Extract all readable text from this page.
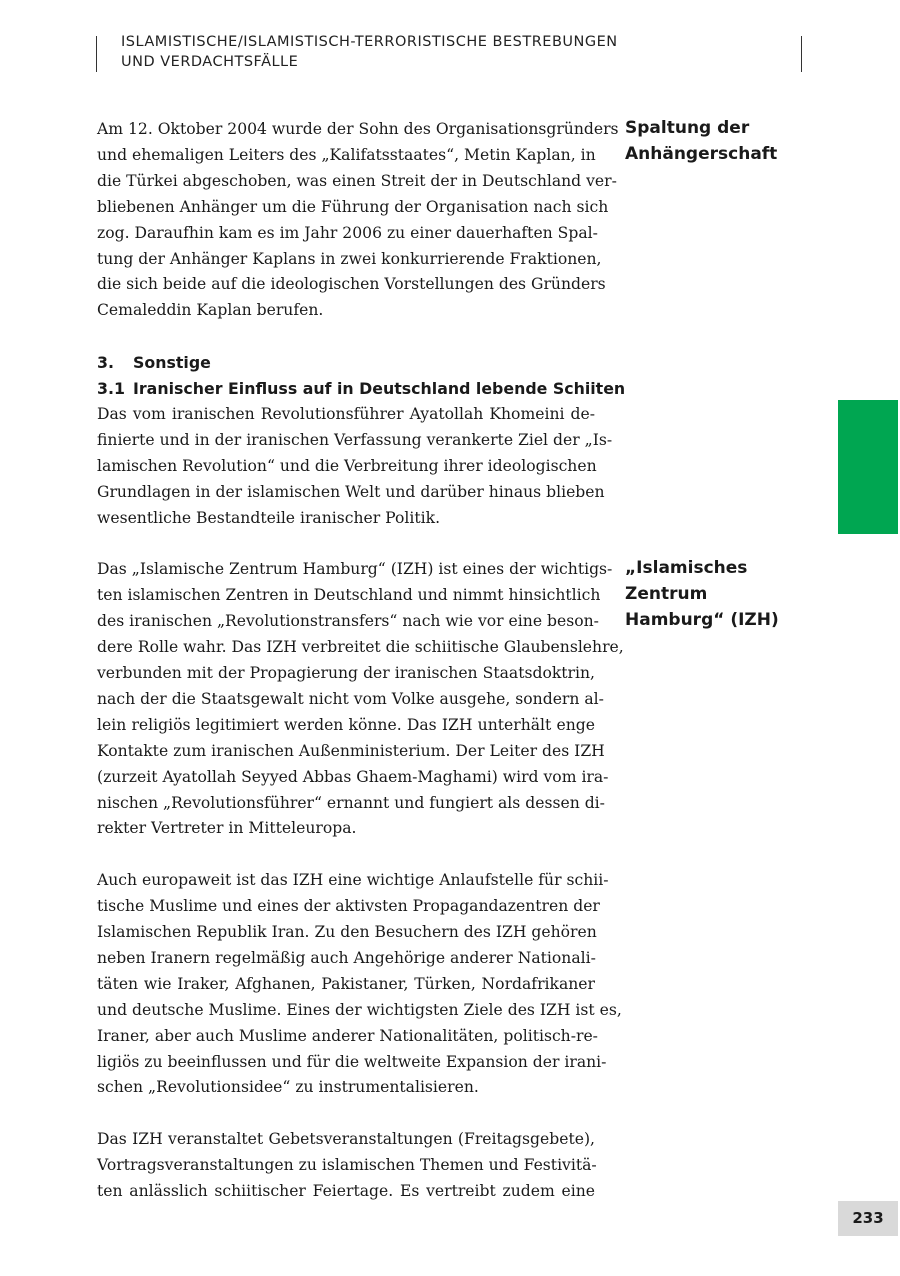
ISLAMISTISCHE/ISLAMISTISCH-TERRORISTISCHE BESTREBUNGEN
UND VERDACHTSFÄLLE
Spaltung der
Anhängerschaft
„Islamisches
Zentrum
Hamburg“ (IZH)
Am 12. Oktober 2004 wurde der Sohn des Organisationsgründers
und ehemaligen Leiters des „Kalifatsstaates“, Metin Kaplan, in
die Türkei abgeschoben, was einen Streit der in Deutschland ver-
bliebenen Anhänger um die Führung der Organisation nach sich
zog. Daraufhin kam es im Jahr 2006 zu einer dauerhaften Spal-
tung der Anhänger Kaplans in zwei konkurrierende Fraktionen,
die sich beide auf die ideologischen Vorstellungen des Gründers
Cemaleddin Kaplan berufen.
3. Sonstige
3.1 Iranischer Einfluss auf in Deutschland lebende Schiiten
Das vom iranischen Revolutionsführer Ayatollah Khomeini de-
finierte und in der iranischen Verfassung verankerte Ziel der „Is-
lamischen Revolution“ und die Verbreitung ihrer ideologischen
Grundlagen in der islamischen Welt und darüber hinaus blieben
wesentliche Bestandteile iranischer Politik.
Das „Islamische Zentrum Hamburg“ (IZH) ist eines der wichtigs-
ten islamischen Zentren in Deutschland und nimmt hinsichtlich
des iranischen „Revolutionstransfers“ nach wie vor eine beson-
dere Rolle wahr. Das IZH verbreitet die schiitische Glaubenslehre,
verbunden mit der Propagierung der iranischen Staatsdoktrin,
nach der die Staatsgewalt nicht vom Volke ausgehe, sondern al-
lein religiös legitimiert werden könne. Das IZH unterhält enge
Kontakte zum iranischen Außenministerium. Der Leiter des IZH
(zurzeit Ayatollah Seyyed Abbas Ghaem-Maghami) wird vom ira-
nischen „Revolutionsführer“ ernannt und fungiert als dessen di-
rekter Vertreter in Mitteleuropa.
Auch europaweit ist das IZH eine wichtige Anlaufstelle für schii-
tische Muslime und eines der aktivsten Propagandazentren der
Islamischen Republik Iran. Zu den Besuchern des IZH gehören
neben Iranern regelmäßig auch Angehörige anderer Nationali-
täten wie Iraker, Afghanen, Pakistaner, Türken, Nordafrikaner
und deutsche Muslime. Eines der wichtigsten Ziele des IZH ist es,
Iraner, aber auch Muslime anderer Nationalitäten, politisch-re-
ligiös zu beeinflussen und für die weltweite Expansion der irani-
schen „Revolutionsidee“ zu instrumentalisieren.
Das IZH veranstaltet Gebetsveranstaltungen (Freitagsgebete),
Vortragsveranstaltungen zu islamischen Themen und Festivitä-
ten anlässlich schiitischer Feiertage. Es vertreibt zudem eine
233
